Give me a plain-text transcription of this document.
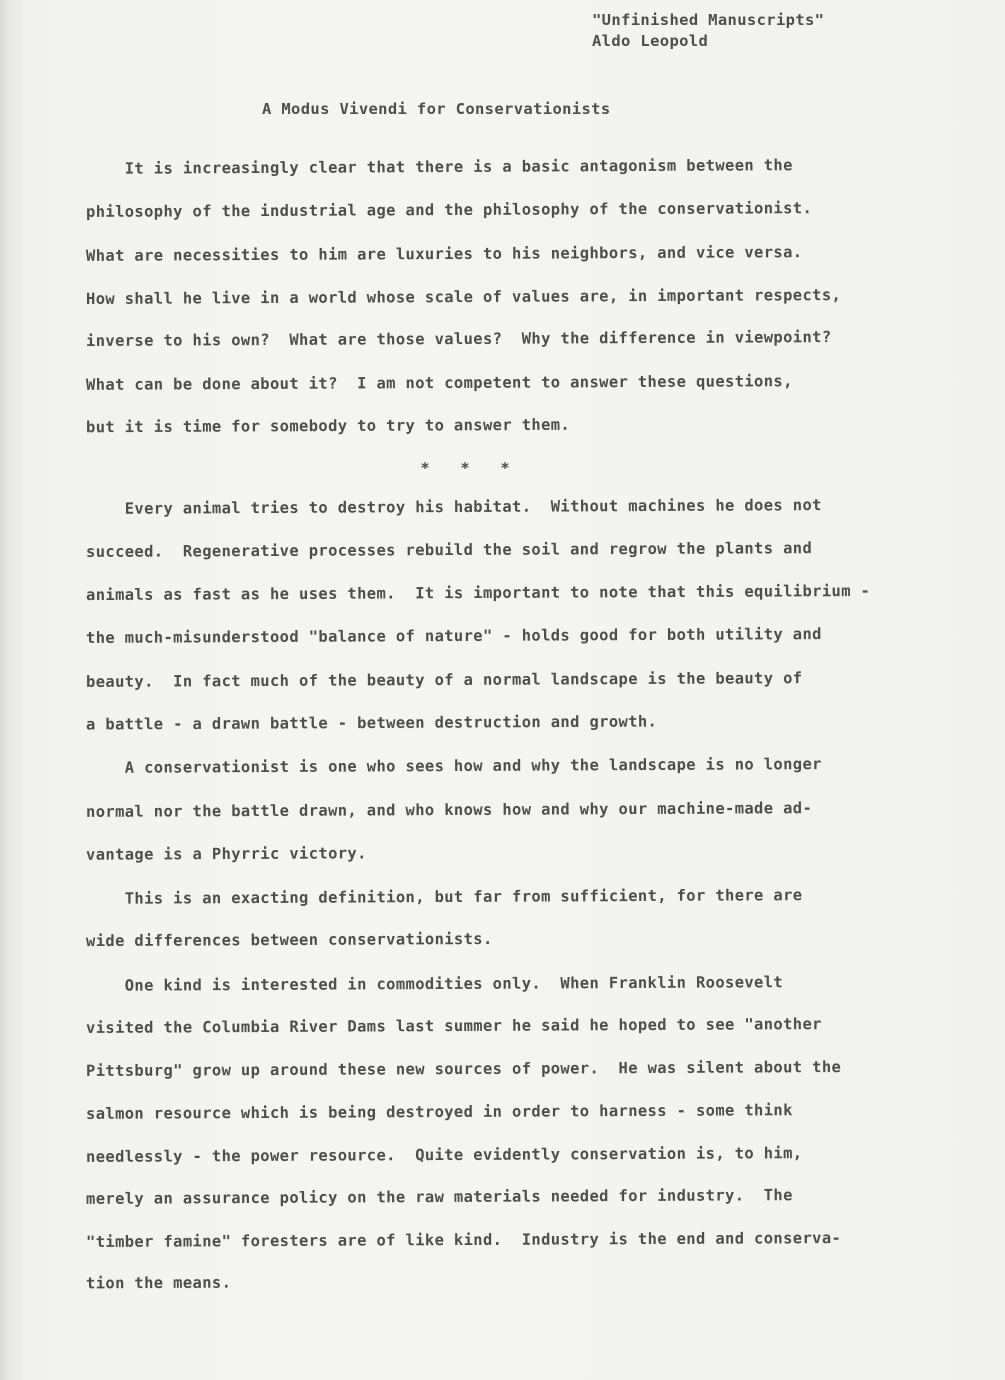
"Unfinished Manuscripts"
Aldo Leopold

A Modus Vivendi for Conservationists

It is increasingly clear that there is a basic antagonism between the

philosophy of the industrial age and the philosophy of the conservationist.

What are necessities to him are luxuries to his neighbors, and vice versa.

How shall he live in a world whose scale of values are, in important respects,

inverse to his own?  What are those values?  Why the difference in viewpoint?

What can be done about it?  I am not competent to answer these questions,

but it is time for somebody to try to answer them.

* * *

Every animal tries to destroy his habitat.  Without machines he does not

succeed.  Regenerative processes rebuild the soil and regrow the plants and

animals as fast as he uses them.  It is important to note that this equilibrium -

the much-misunderstood "balance of nature" - holds good for both utility and

beauty.  In fact much of the beauty of a normal landscape is the beauty of

a battle - a drawn battle - between destruction and growth.

A conservationist is one who sees how and why the landscape is no longer

normal nor the battle drawn, and who knows how and why our machine-made ad-

vantage is a Phyrric victory.

This is an exacting definition, but far from sufficient, for there are

wide differences between conservationists.

One kind is interested in commodities only.  When Franklin Roosevelt

visited the Columbia River Dams last summer he said he hoped to see "another

Pittsburg" grow up around these new sources of power.  He was silent about the

salmon resource which is being destroyed in order to harness - some think

needlessly - the power resource.  Quite evidently conservation is, to him,

merely an assurance policy on the raw materials needed for industry.  The

"timber famine" foresters are of like kind.  Industry is the end and conserva-

tion the means.
